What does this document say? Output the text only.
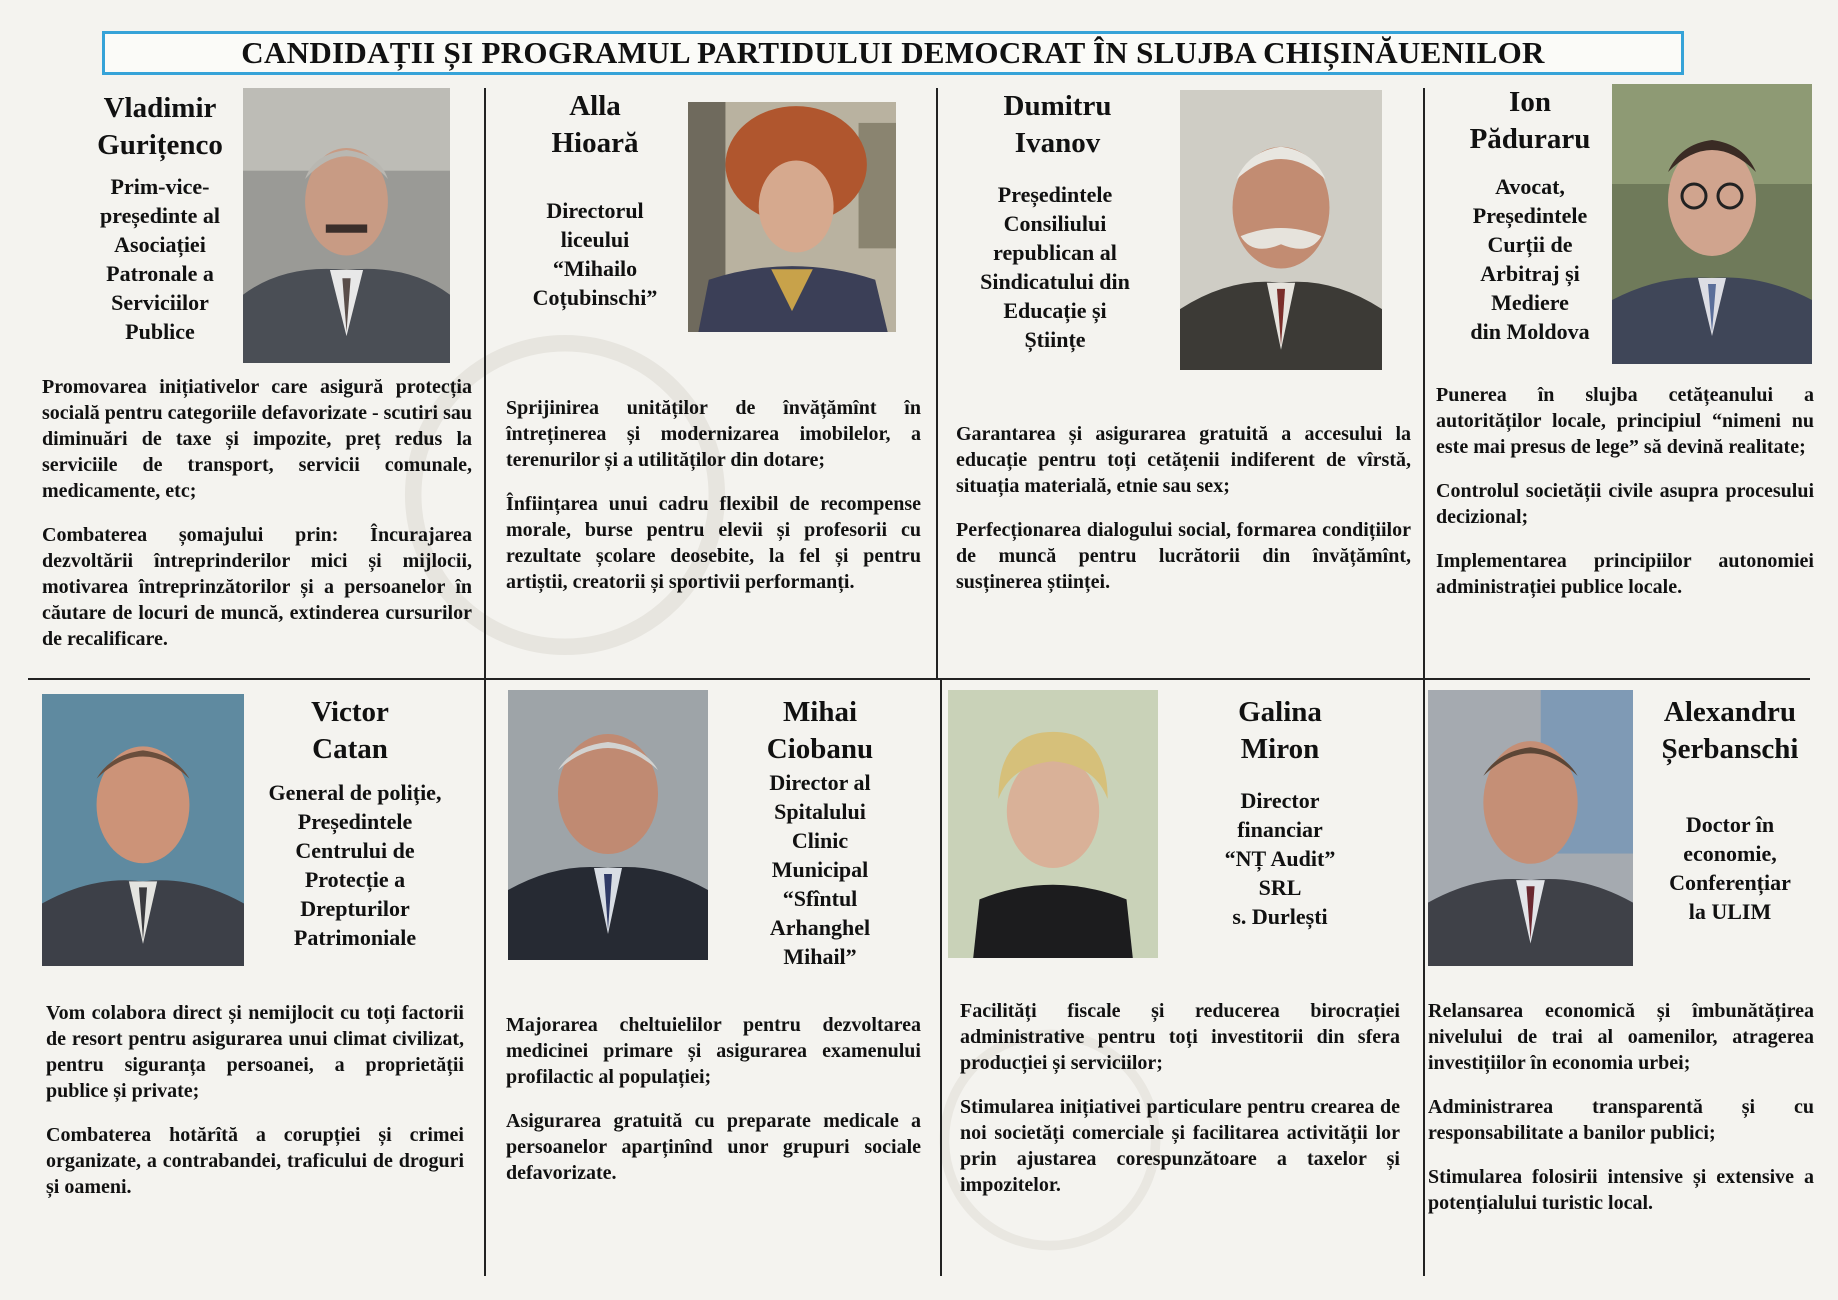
CANDIDAȚII ȘI PROGRAMUL PARTIDULUI DEMOCRAT ÎN SLUJBA CHIȘINĂUENILOR
Vladimir
Gurițenco
Prim-vice-
președinte al
Asociației
Patronale a
Serviciilor
Publice

Promovarea inițiativelor care asigură protecția socială pentru categoriile defavorizate - scutiri sau diminuări de taxe și impozite, preț redus la serviciile de transport, servicii comunale, medicamente, etc;

Combaterea șomajului prin: Încurajarea dezvoltării întreprinderilor mici și mijlocii, motivarea întreprinzătorilor și a persoanelor în căutare de locuri de muncă, extinderea cursurilor de recalificare.

Alla
Hioară
Directorul
liceului
“Mihailo
Coțubinschi”

Sprijinirea unităților de învățămînt în întreținerea și modernizarea imobilelor, a terenurilor și a utilităților din dotare;

Înființarea unui cadru flexibil de recompense morale, burse pentru elevii și profesorii cu rezultate școlare deosebite, la fel și pentru artiștii, creatorii și sportivii performanți.

Dumitru
Ivanov
Președintele
Consiliului
republican al
Sindicatului din
Educație și
Științe

Garantarea și asigurarea gratuită a accesului la educație pentru toți cetățenii indiferent de vîrstă, situația materială, etnie sau sex;

Perfecționarea dialogului social, formarea condițiilor de muncă pentru lucrătorii din învățămînt, susținerea științei.

Ion
Păduraru
Avocat,
Președintele
Curții de
Arbitraj și
Mediere
din Moldova

Punerea în slujba cetățeanului a autorităților locale, principiul “nimeni nu este mai presus de lege” să devină realitate;

Controlul societății civile asupra procesului decizional;

Implementarea principiilor autonomiei administrației publice locale.

Victor
Catan
General de poliție,
Președintele
Centrului de
Protecție a
Drepturilor
Patrimoniale

Vom colabora direct și nemijlocit cu toți factorii de resort pentru asigurarea unui climat civilizat, pentru siguranța persoanei, a proprietății publice și private;

Combaterea hotărîtă a corupției și crimei organizate, a contrabandei, traficului de droguri și oameni.

Mihai
Ciobanu
Director al
Spitalului
Clinic
Municipal
“Sfîntul
Arhanghel
Mihail”

Majorarea cheltuielilor pentru dezvoltarea medicinei primare și asigurarea examenului profilactic al populației;

Asigurarea gratuită cu preparate medicale a persoanelor aparținînd unor grupuri sociale defavorizate.

Galina
Miron
Director
financiar
“NȚ Audit”
SRL
s. Durlești

Facilități fiscale și reducerea birocrației administrative pentru toți investitorii din sfera producției și serviciilor;

Stimularea inițiativei particulare pentru crearea de noi societăți comerciale și facilitarea activității lor prin ajustarea corespunzătoare a taxelor și impozitelor.

Alexandru
Șerbanschi
Doctor în
economie,
Conferențiar
la ULIM

Relansarea economică și îmbunătățirea nivelului de trai al oamenilor, atragerea investițiilor în economia urbei;

Administrarea transparentă și cu responsabilitate a banilor publici;

Stimularea folosirii intensive și extensive a potențialului turistic local.
